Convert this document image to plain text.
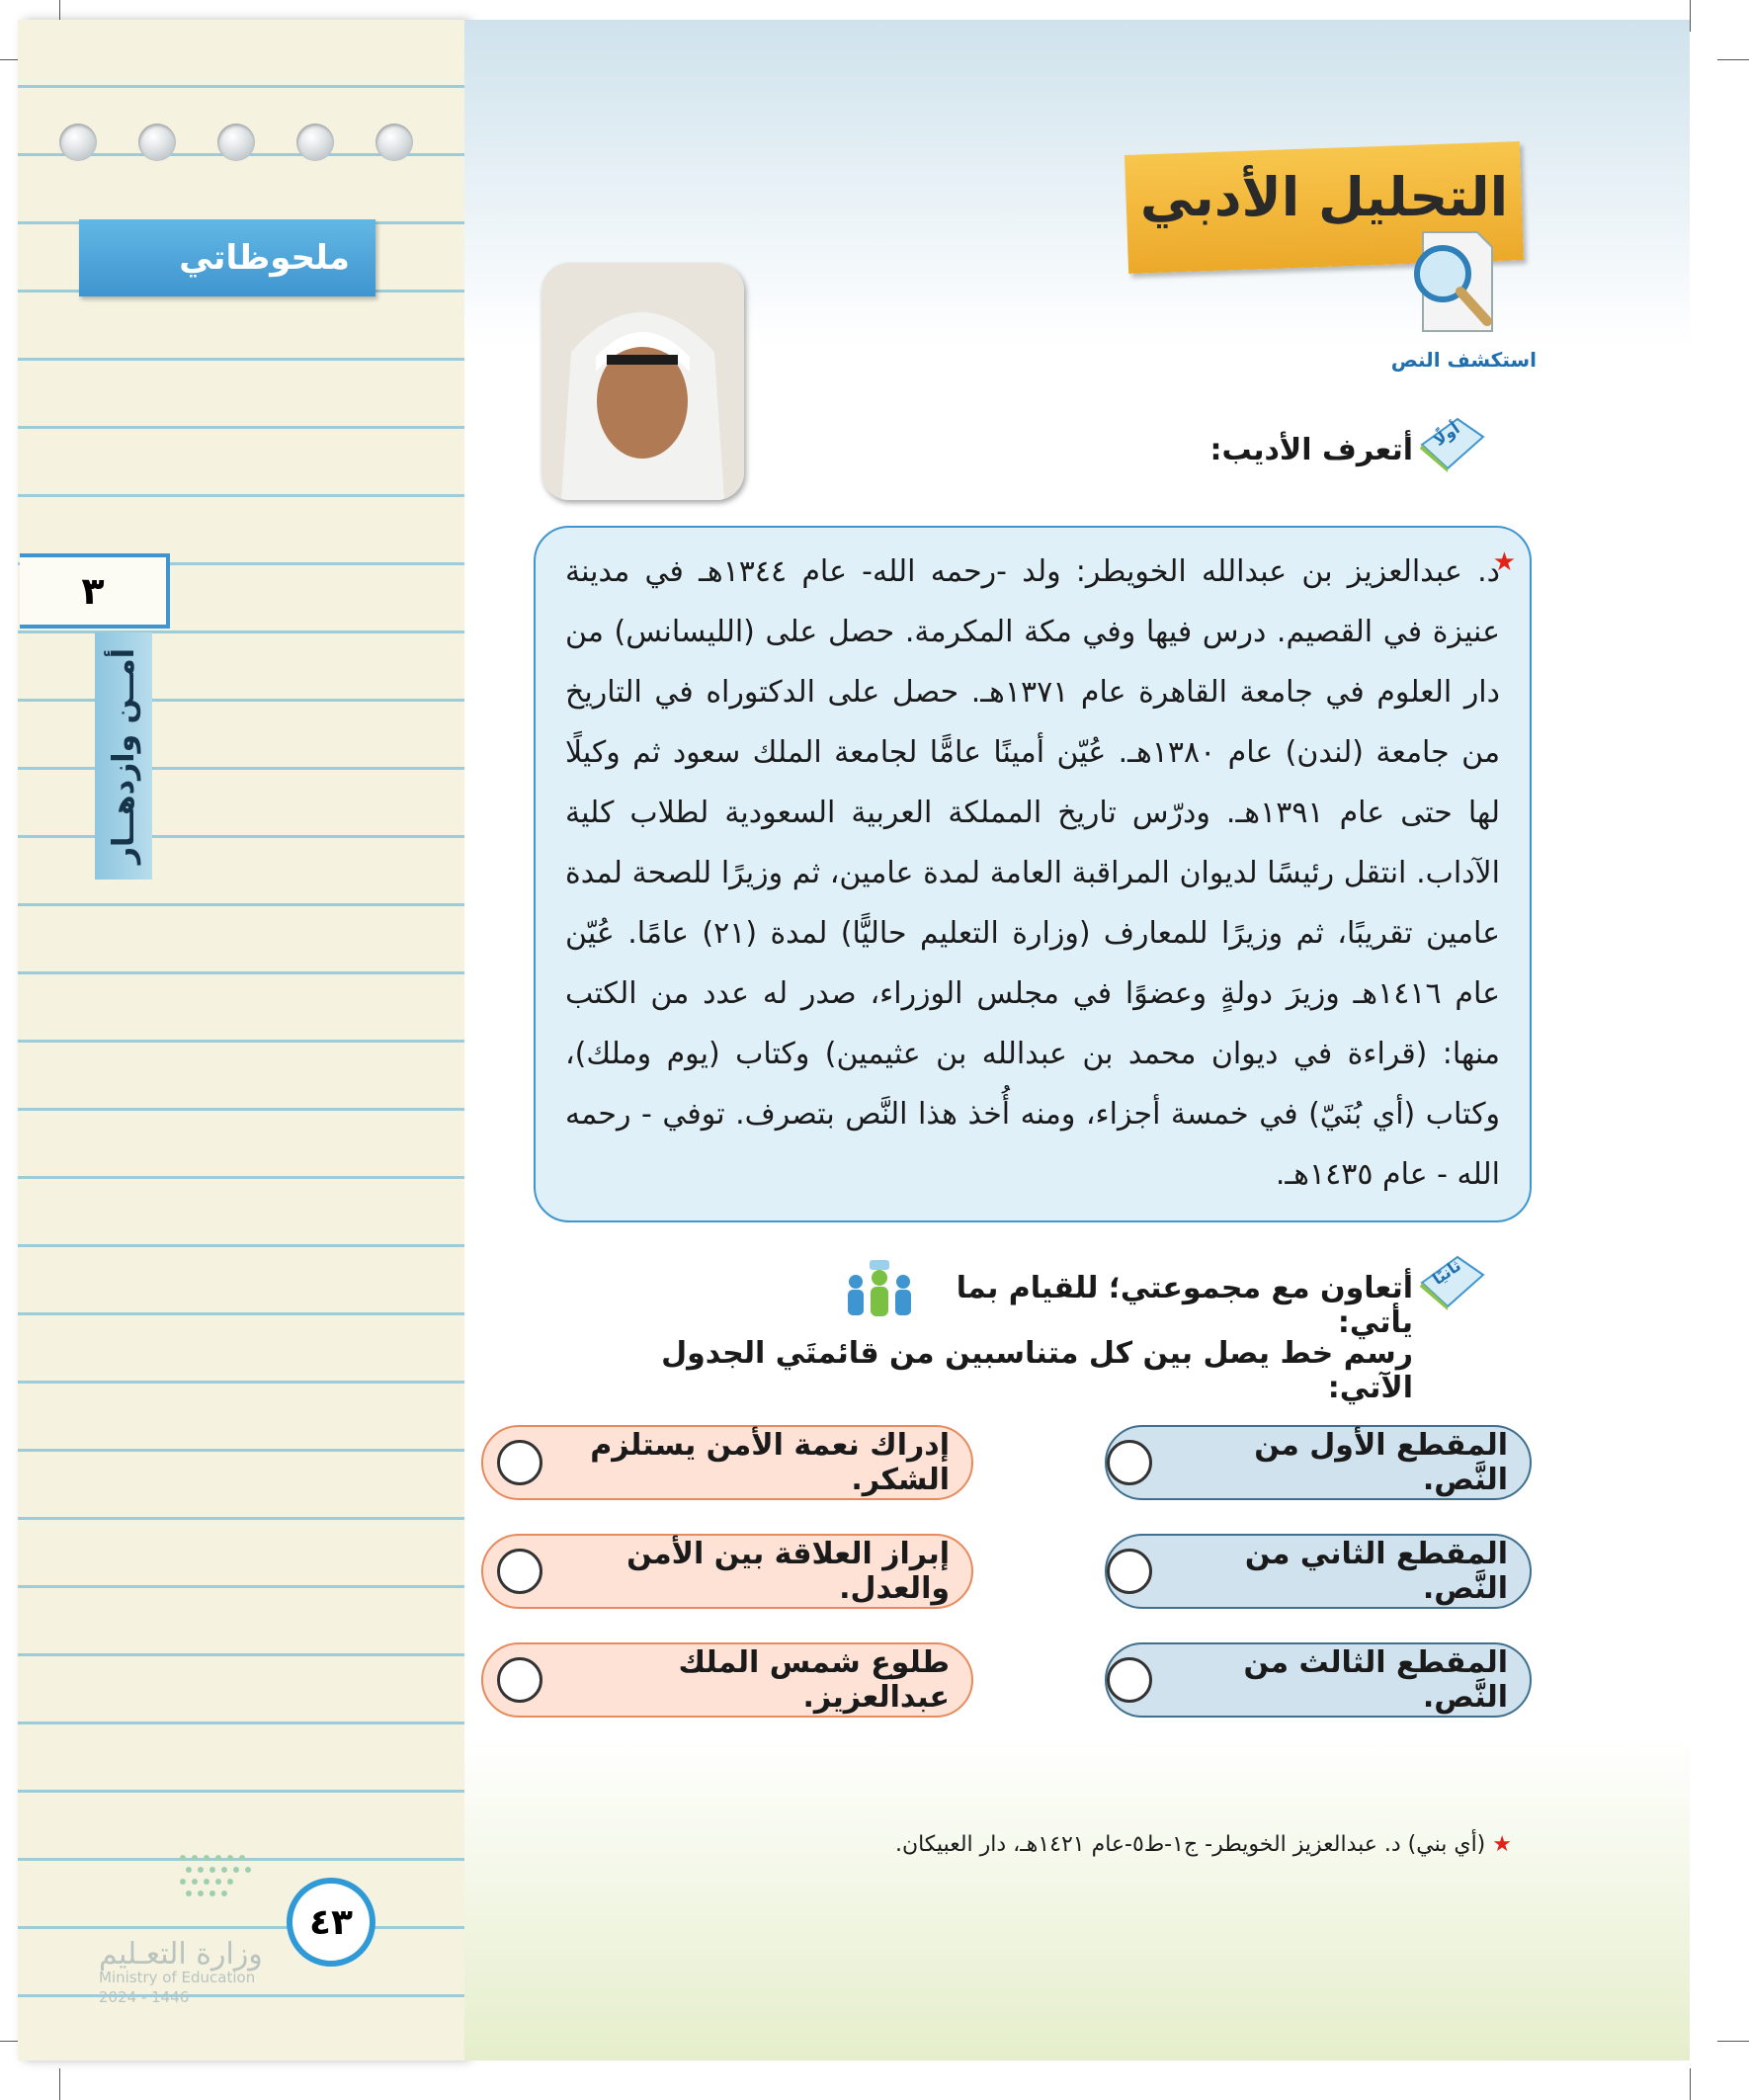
ملحوظاتي
٣
أمــن وازدهــار
وزارة التعـليم
Ministry of Education
2024 - 1446
٤٣
التحليل الأدبي
استكشف النص
أولًا
أتعرف الأديب:
★
د. عبدالعزيز بن عبدالله الخويطر: ولد -رحمه الله- عام ١٣٤٤هـ في مدينة عنيزة في القصيم. درس فيها وفي مكة المكرمة. حصل على (الليسانس) من دار العلوم في جامعة القاهرة عام ١٣٧١هـ. حصل على الدكتوراه في التاريخ من جامعة (لندن) عام ١٣٨٠هـ. عُيّن أمينًا عامًّا لجامعة الملك سعود ثم وكيلًا لها حتى عام ١٣٩١هـ. ودرّس تاريخ المملكة العربية السعودية لطلاب كلية الآداب. انتقل رئيسًا لديوان المراقبة العامة لمدة عامين، ثم وزيرًا للصحة لمدة عامين تقريبًا، ثم وزيرًا للمعارف (وزارة التعليم حاليًّا) لمدة (٢١) عامًا. عُيّن عام ١٤١٦هـ وزيرَ دولةٍ وعضوًا في مجلس الوزراء، صدر له عدد من الكتب منها: (قراءة في ديوان محمد بن عبدالله بن عثيمين) وكتاب (يوم وملك)، وكتاب (أي بُنَيّ) في خمسة أجزاء، ومنه أُخذ هذا النَّص بتصرف. توفي - رحمه الله - عام ١٤٣٥هـ.
ثانيًا
أتعاون مع مجموعتي؛ للقيام بما يأتي:
رسم خط يصل بين كل متناسبين من قائمتَي الجدول الآتي:
المقطع الأول من النَّص.
المقطع الثاني من النَّص.
المقطع الثالث من النَّص.
إدراك نعمة الأمن يستلزم الشكر.
إبراز العلاقة بين الأمن والعدل.
طلوع شمس الملك عبدالعزيز.
★ (أي بني) د. عبدالعزيز الخويطر- ج١-ط٥-عام ١٤٢١هـ، دار العبيكان.
